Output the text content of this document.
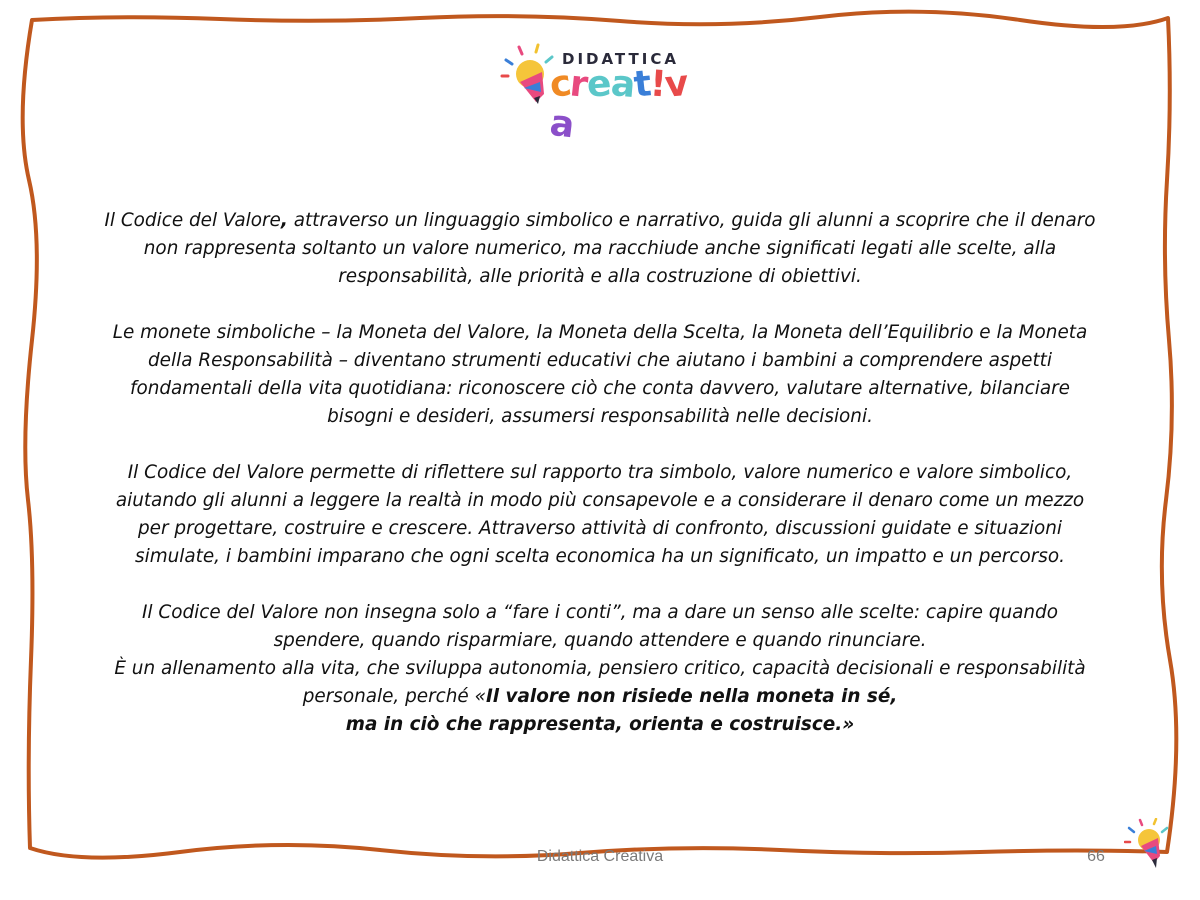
DIDATTICA
creat!va

Il Codice del Valore, attraverso un linguaggio simbolico e narrativo, guida gli alunni a scoprire che il denaro non rappresenta soltanto un valore numerico, ma racchiude anche significati legati alle scelte, alla responsabilità, alle priorità e alla costruzione di obiettivi.

Le monete simboliche – la Moneta del Valore, la Moneta della Scelta, la Moneta dell’Equilibrio e la Moneta della Responsabilità – diventano strumenti educativi che aiutano i bambini a comprendere aspetti fondamentali della vita quotidiana: riconoscere ciò che conta davvero, valutare alternative, bilanciare bisogni e desideri, assumersi responsabilità nelle decisioni.

Il Codice del Valore permette di riflettere sul rapporto tra simbolo, valore numerico e valore simbolico, aiutando gli alunni a leggere la realtà in modo più consapevole e a considerare il denaro come un mezzo per progettare, costruire e crescere. Attraverso attività di confronto, discussioni guidate e situazioni simulate, i bambini imparano che ogni scelta economica ha un significato, un impatto e un percorso.

Il Codice del Valore non insegna solo a “fare i conti”, ma a dare un senso alle scelte: capire quando spendere, quando risparmiare, quando attendere e quando rinunciare.

È un allenamento alla vita, che sviluppa autonomia, pensiero critico, capacità decisionali e responsabilità personale, perché «Il valore non risiede nella moneta in sé,
ma in ciò che rappresenta, orienta e costruisce.»

Didattica Creativa	66
